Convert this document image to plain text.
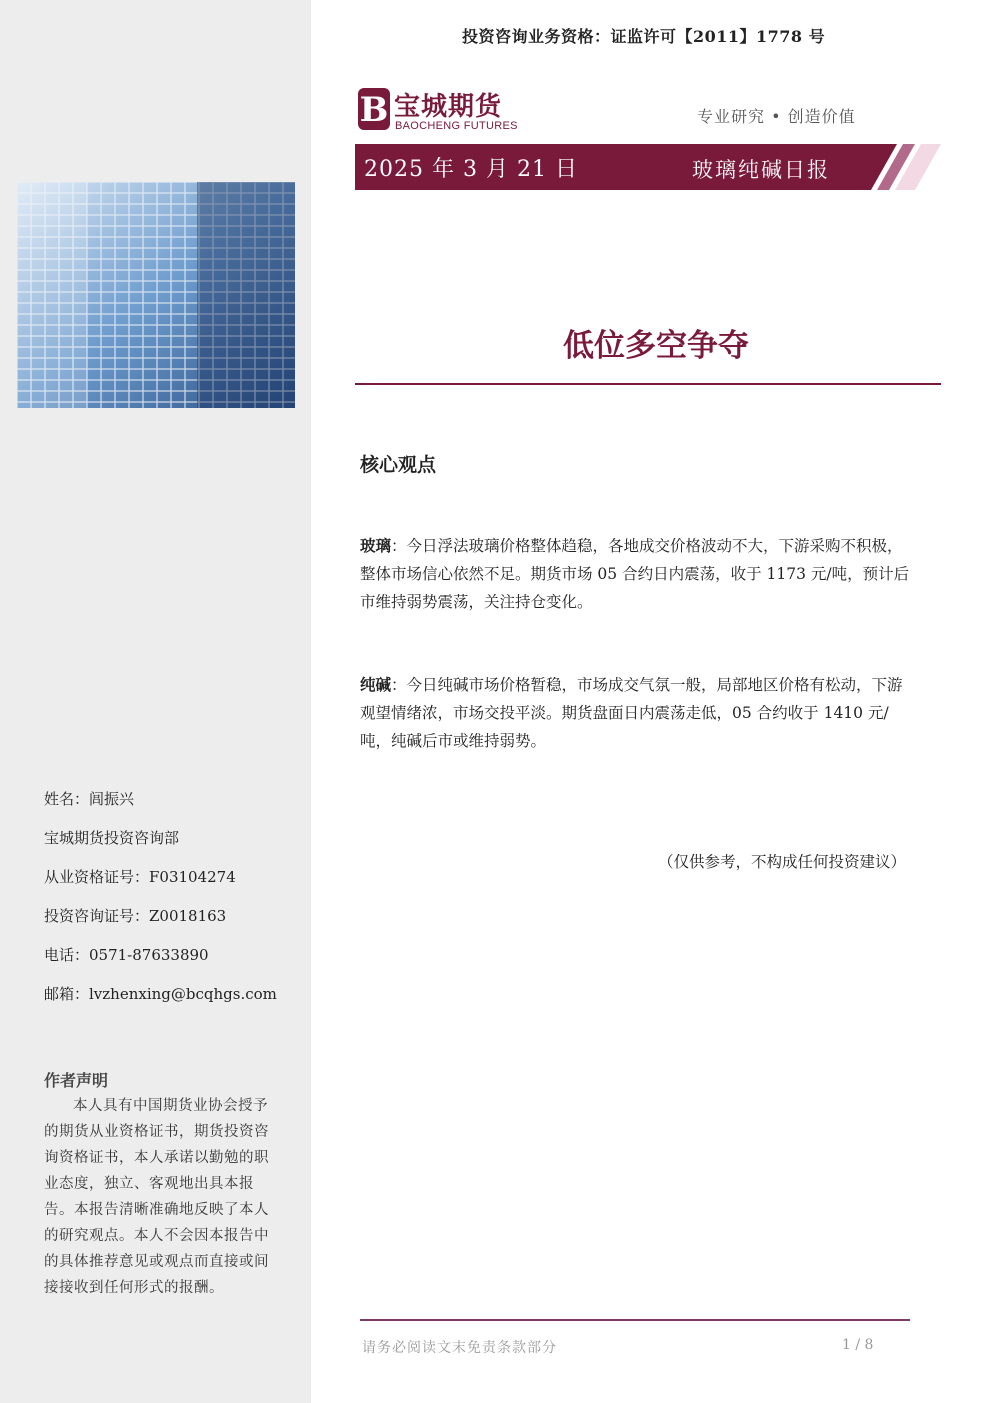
姓名：闾振兴
宝城期货投资咨询部
从业资格证号：F03104274
投资咨询证号：Z0018163
电话：0571-87633890
邮箱：lvzhenxing@bcqhgs.com
作者声明
本人具有中国期货业协会授予的期货从业资格证书，期货投资咨询资格证书，本人承诺以勤勉的职业态度，独立、客观地出具本报告。本报告清晰准确地反映了本人的研究观点。本人不会因本报告中的具体推荐意见或观点而直接或间接接收到任何形式的报酬。
投资咨询业务资格：证监许可【2011】1778 号
B 宝城期货
BAOCHENG FUTURES	专业研究 • 创造价值
2025 年 3 月 21 日	玻璃纯碱日报
低位多空争夺
核心观点
玻璃：今日浮法玻璃价格整体趋稳，各地成交价格波动不大，下游采购不积极，整体市场信心依然不足。期货市场 05 合约日内震荡，收于 1173 元/吨，预计后市维持弱势震荡，关注持仓变化。
纯碱：今日纯碱市场价格暂稳，市场成交气氛一般，局部地区价格有松动，下游观望情绪浓，市场交投平淡。期货盘面日内震荡走低，05 合约收于 1410 元/吨，纯碱后市或维持弱势。
（仅供参考，不构成任何投资建议）
请务必阅读文末免责条款部分	1 / 8
